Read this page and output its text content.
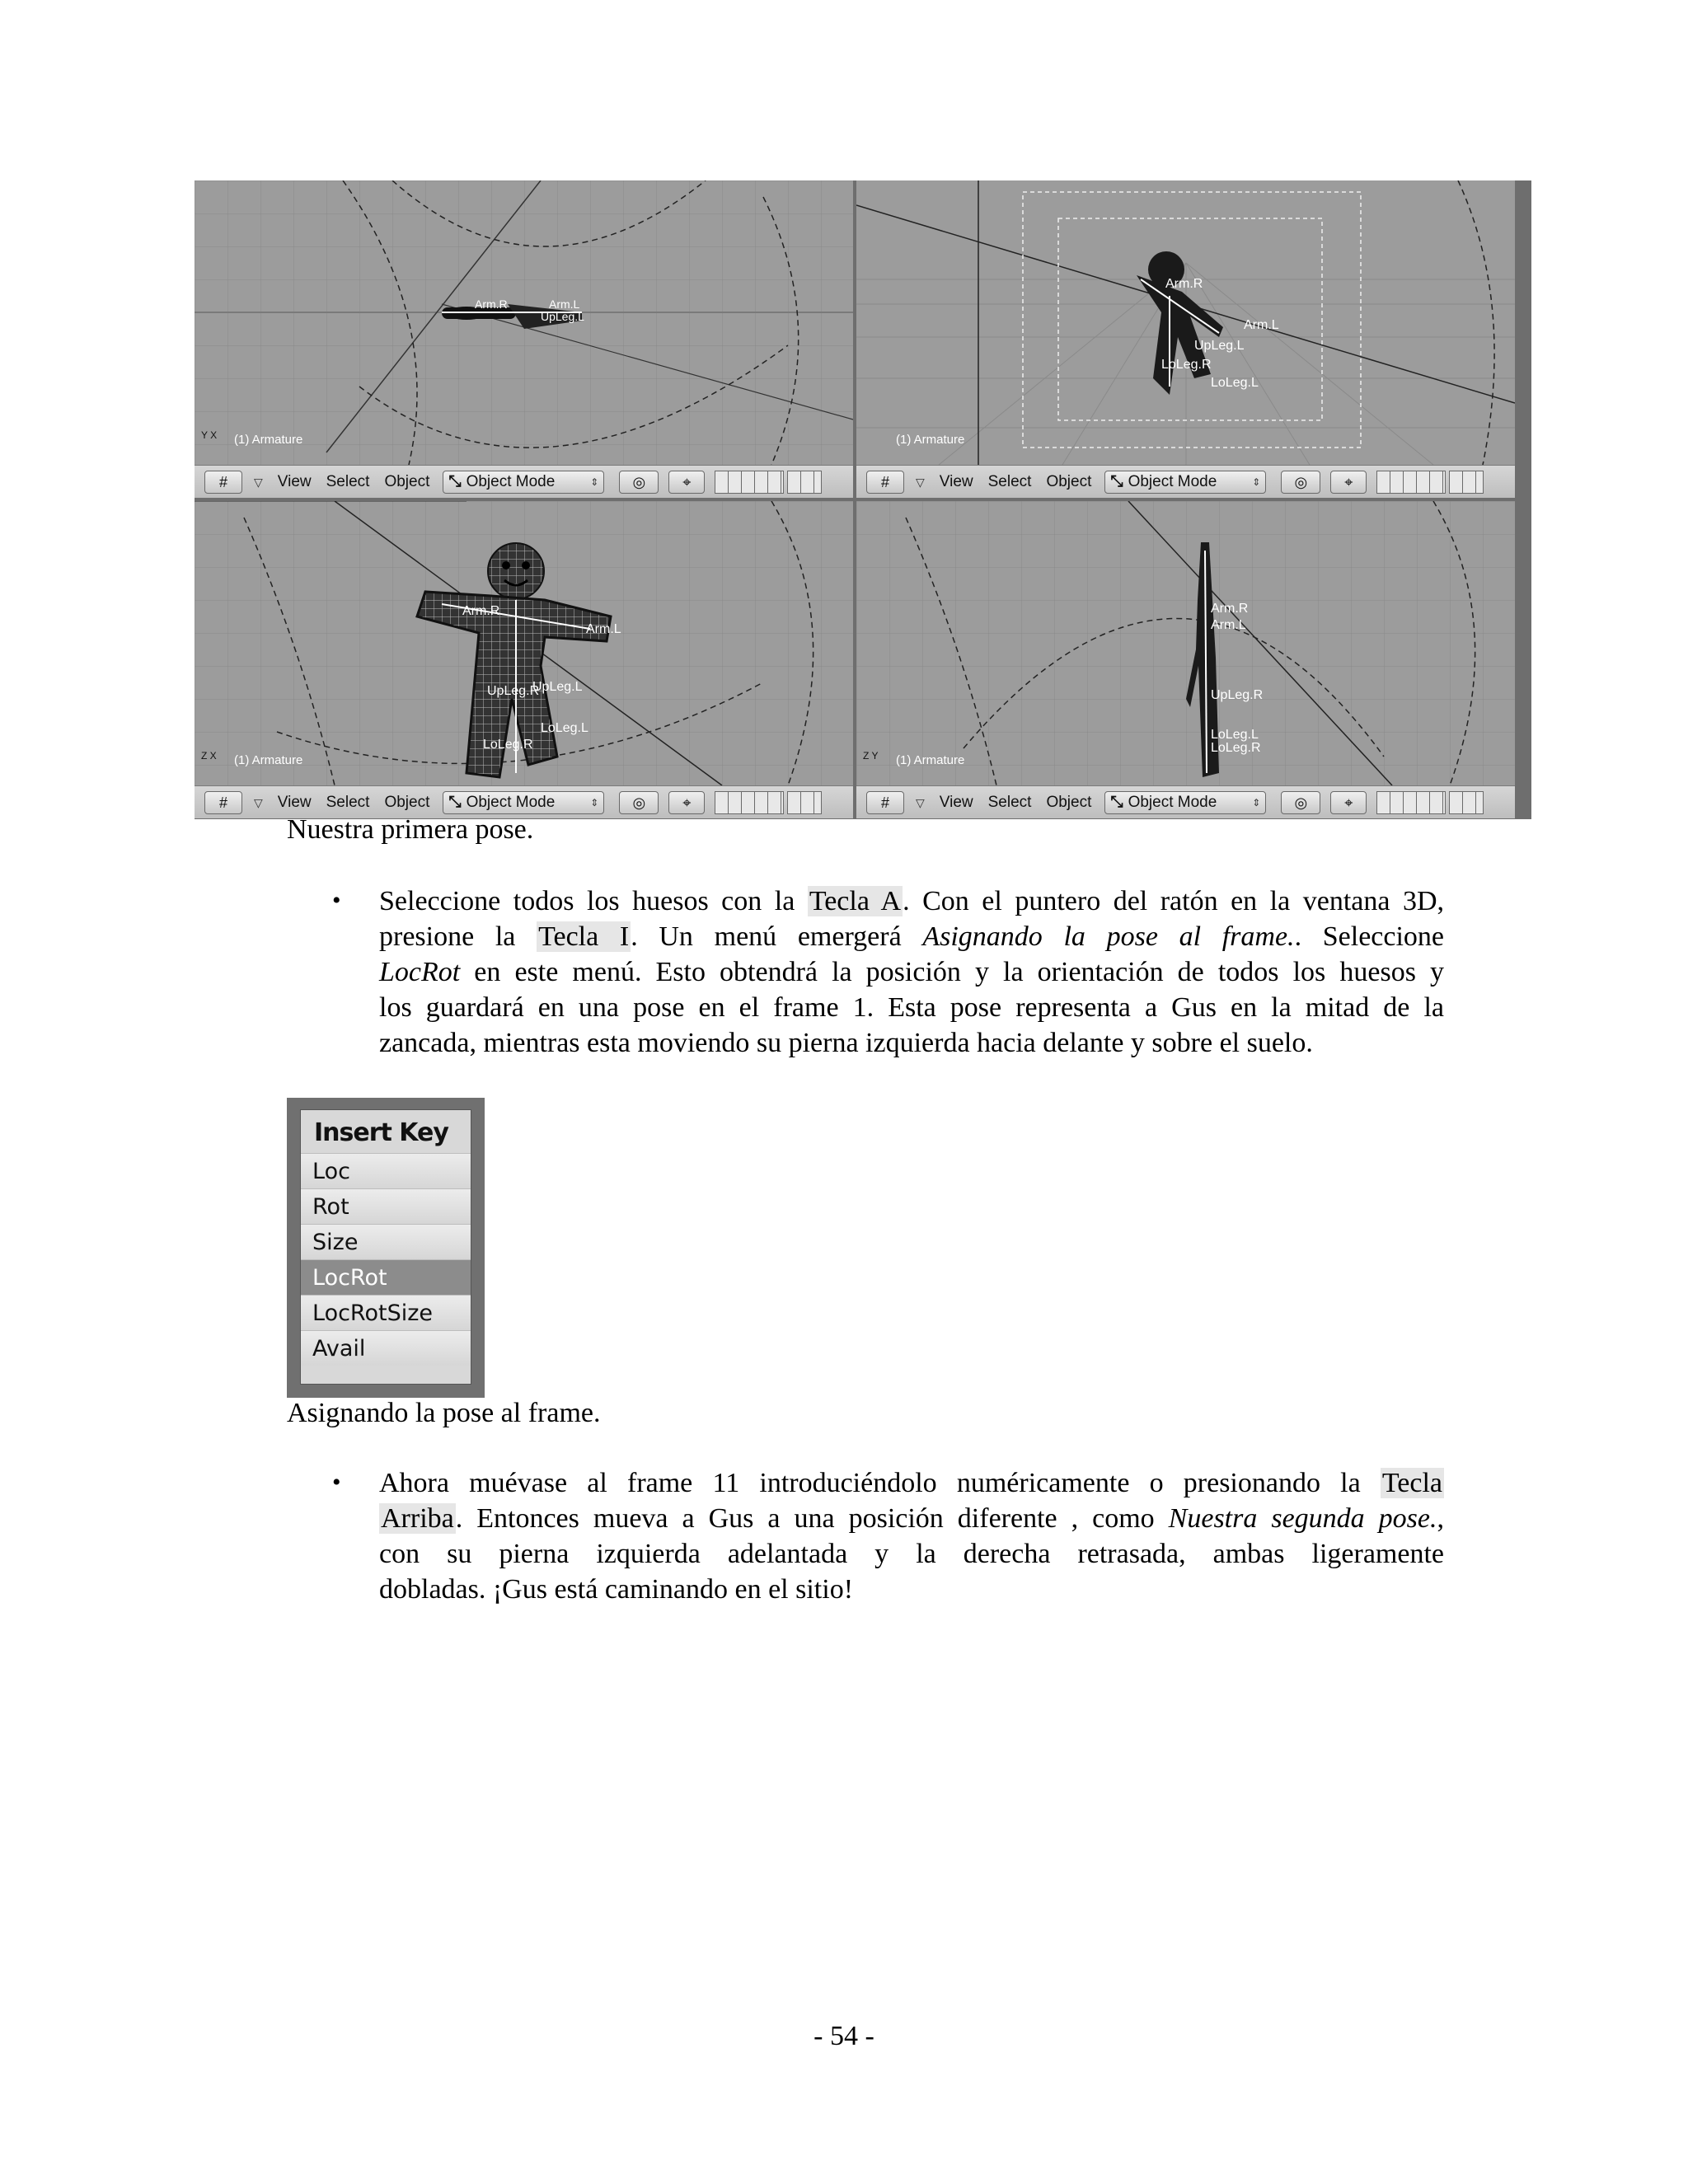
Arm.R	Arm.L
UpLeg.L
Y X (1) Armature
#	▽ View Select Object ⤡ Object Mode	⇕	◎	⌖
Arm.R
Arm.L
UpLeg.L
LoLeg.L
LoLeg.R
(1) Armature
#	▽ View Select Object ⤡ Object Mode	⇕	◎	⌖
Arm.R
Arm.L
UpLeg.L
UpLeg.R
LoLeg.L
LoLeg.R
Z X (1) Armature
#	▽ View Select Object ⤡ Object Mode	⇕	◎	⌖
Arm.R
Arm.L
UpLeg.R
LoLeg.L
LoLeg.R
Z Y (1) Armature
#	▽ View Select Object ⤡ Object Mode	⇕	◎	⌖
Nuestra primera pose.
• Seleccione todos los huesos con la Tecla A. Con el puntero del ratón en la ventana 3D,
presione la Tecla I. Un menú emergerá Asignando la pose al frame.. Seleccione
LocRot en este menú. Esto obtendrá la posición y la orientación de todos los huesos y
los guardará en una pose en el frame 1. Esta pose representa a Gus en la mitad de la
zancada, mientras esta moviendo su pierna izquierda hacia delante y sobre el suelo.
Insert Key
Loc
Rot
Size
LocRot
LocRotSize
Avail
Asignando la pose al frame.
• Ahora muévase al frame 11 introduciéndolo numéricamente o presionando la Tecla
Arriba. Entonces mueva a Gus a una posición diferente , como Nuestra segunda pose.,
con su pierna izquierda adelantada y la derecha retrasada, ambas ligeramente
dobladas. ¡Gus está caminando en el sitio!
- 54 -
